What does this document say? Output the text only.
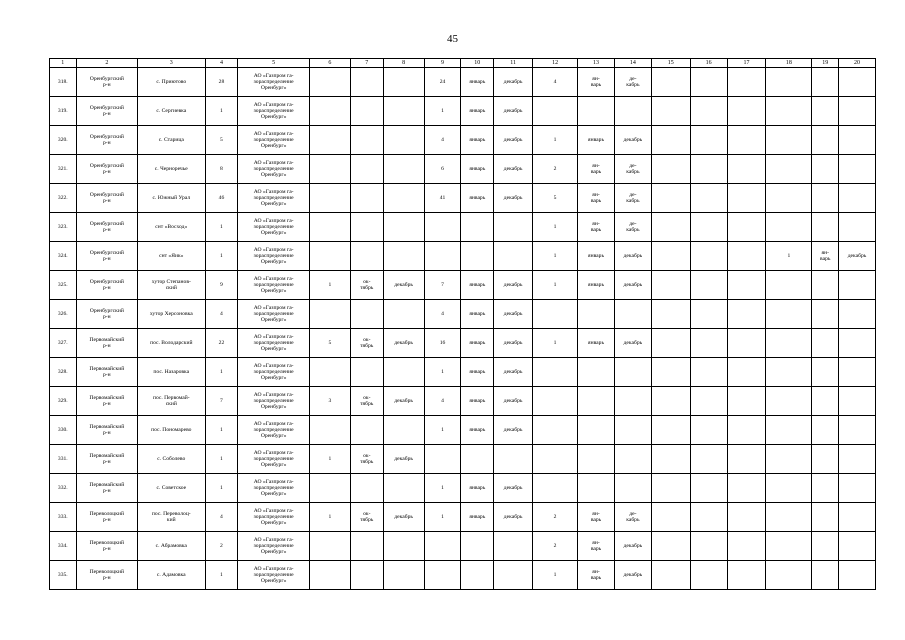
45
1	2	3	4	5	6	7	8	9	10	11	12	13	14	15	16	17	18	19	20
318.	Оренбургский
р-н	с. Приютово	28	АО «Газпром га-
зораспределение
Оренбург»				24	январь	декабрь	4	ян-
варь	де-
кабрь						
319.	Оренбургский
р-н	с. Сергиевка	1	АО «Газпром га-
зораспределение
Оренбург»				1	январь	декабрь									
320.	Оренбургский
р-н	с. Старица	5	АО «Газпром га-
зораспределение
Оренбург»				4	январь	декабрь	1	январь	декабрь						
321.	Оренбургский
р-н	с. Черноречье	8	АО «Газпром га-
зораспределение
Оренбург»				6	январь	декабрь	2	ян-
варь	де-
кабрь						
322.	Оренбургский
р-н	с. Южный Урал	46	АО «Газпром га-
зораспределение
Оренбург»				41	январь	декабрь	5	ян-
варь	де-
кабрь						
323.	Оренбургский
р-н	снт «Восход»	1	АО «Газпром га-
зораспределение
Оренбург»							1	ян-
варь	де-
кабрь						
324.	Оренбургский
р-н	снт «Яик»	1	АО «Газпром га-
зораспределение
Оренбург»							1	январь	декабрь				1	ян-
варь	декабрь
325.	Оренбургский
р-н	хутор Степанов-
ский	9	АО «Газпром га-
зораспределение
Оренбург»	1	ок-
тябрь	декабрь	7	январь	декабрь	1	январь	декабрь						
326.	Оренбургский
р-н	хутор Херсоновка	4	АО «Газпром га-
зораспределение
Оренбург»				4	январь	декабрь									
327.	Первомайский
р-н	пос. Володарский	22	АО «Газпром га-
зораспределение
Оренбург»	5	ок-
тябрь	декабрь	16	январь	декабрь	1	январь	декабрь						
328.	Первомайский
р-н	пос. Назаровка	1	АО «Газпром га-
зораспределение
Оренбург»				1	январь	декабрь									
329.	Первомайский
р-н	пос. Первомай-
ский	7	АО «Газпром га-
зораспределение
Оренбург»	3	ок-
тябрь	декабрь	4	январь	декабрь									
330.	Первомайский
р-н	пос. Пономарево	1	АО «Газпром га-
зораспределение
Оренбург»				1	январь	декабрь									
331.	Первомайский
р-н	с. Соболево	1	АО «Газпром га-
зораспределение
Оренбург»	1	ок-
тябрь	декабрь												
332.	Первомайский
р-н	с. Советское	1	АО «Газпром га-
зораспределение
Оренбург»				1	январь	декабрь									
333.	Переволоцкий
р-н	пос. Переволоц-
кий	4	АО «Газпром га-
зораспределение
Оренбург»	1	ок-
тябрь	декабрь	1	январь	декабрь	2	ян-
варь	де-
кабрь						
334.	Переволоцкий
р-н	с. Абрамовка	2	АО «Газпром га-
зораспределение
Оренбург»							2	ян-
варь	декабрь						
335.	Переволоцкий
р-н	с. Адамовка	1	АО «Газпром га-
зораспределение
Оренбург»							1	ян-
варь	декабрь						
